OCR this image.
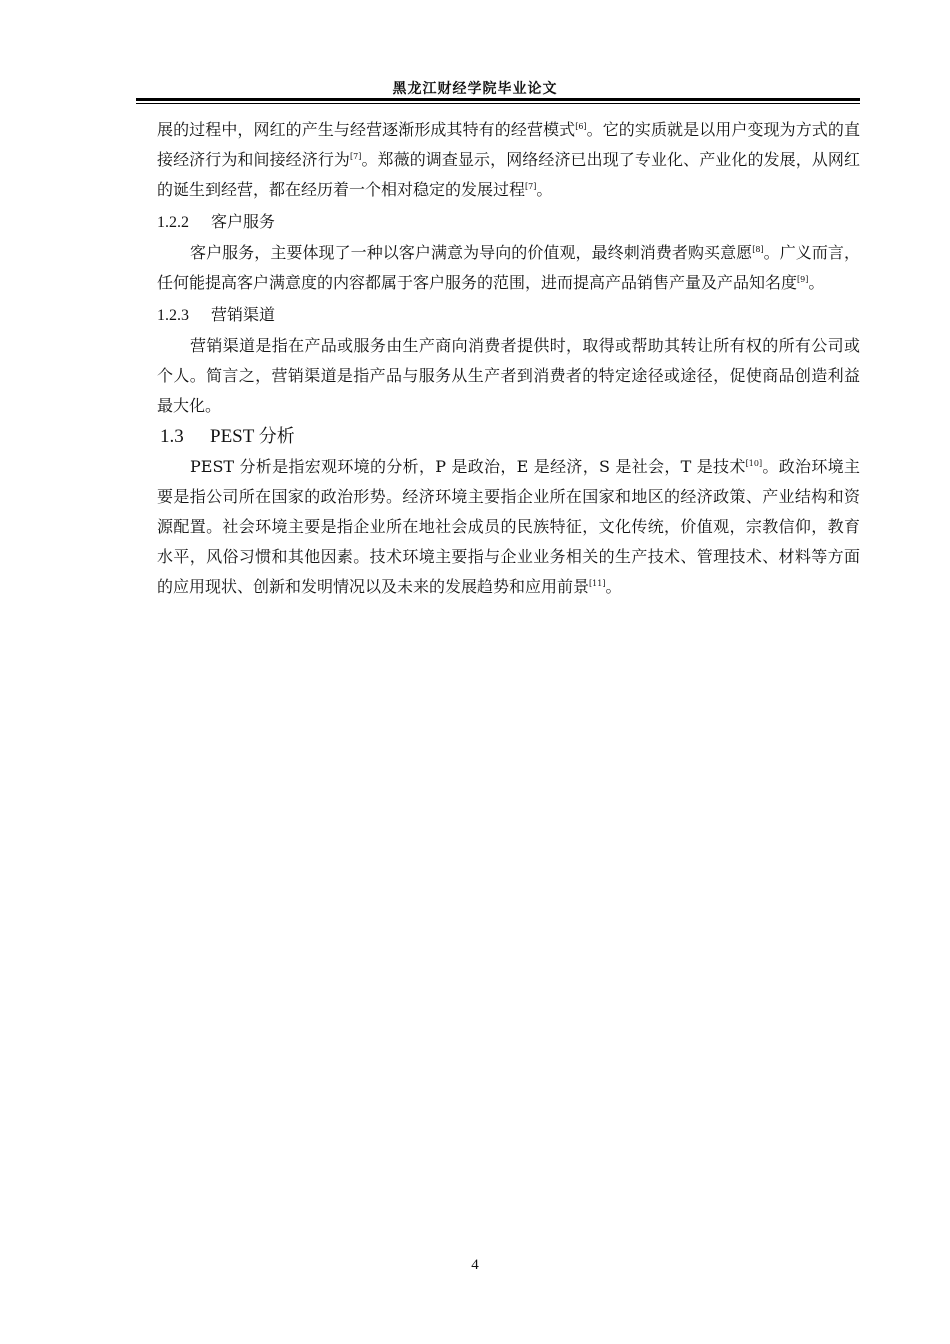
黑龙江财经学院毕业论文

展的过程中，网红的产生与经营逐渐形成其特有的经营模式[6]。它的实质就是以用户变现为方式的直接经济行为和间接经济行为[7]。郑薇的调查显示，网络经济已出现了专业化、产业化的发展，从网红的诞生到经营，都在经历着一个相对稳定的发展过程[7]。

1.2.2 客户服务

客户服务，主要体现了一种以客户满意为导向的价值观，最终刺消费者购买意愿[8]。广义而言，任何能提高客户满意度的内容都属于客户服务的范围，进而提高产品销售产量及产品知名度[9]。

1.2.3 营销渠道

营销渠道是指在产品或服务由生产商向消费者提供时，取得或帮助其转让所有权的所有公司或个人。简言之，营销渠道是指产品与服务从生产者到消费者的特定途径或途径，促使商品创造利益最大化。

1.3 PEST 分析

PEST 分析是指宏观环境的分析，P 是政治，E 是经济，S 是社会，T 是技术[10]。政治环境主要是指公司所在国家的政治形势。经济环境主要指企业所在国家和地区的经济政策、产业结构和资源配置。社会环境主要是指企业所在地社会成员的民族特征，文化传统，价值观，宗教信仰，教育水平，风俗习惯和其他因素。技术环境主要指与企业业务相关的生产技术、管理技术、材料等方面的应用现状、创新和发明情况以及未来的发展趋势和应用前景[11]。

4
